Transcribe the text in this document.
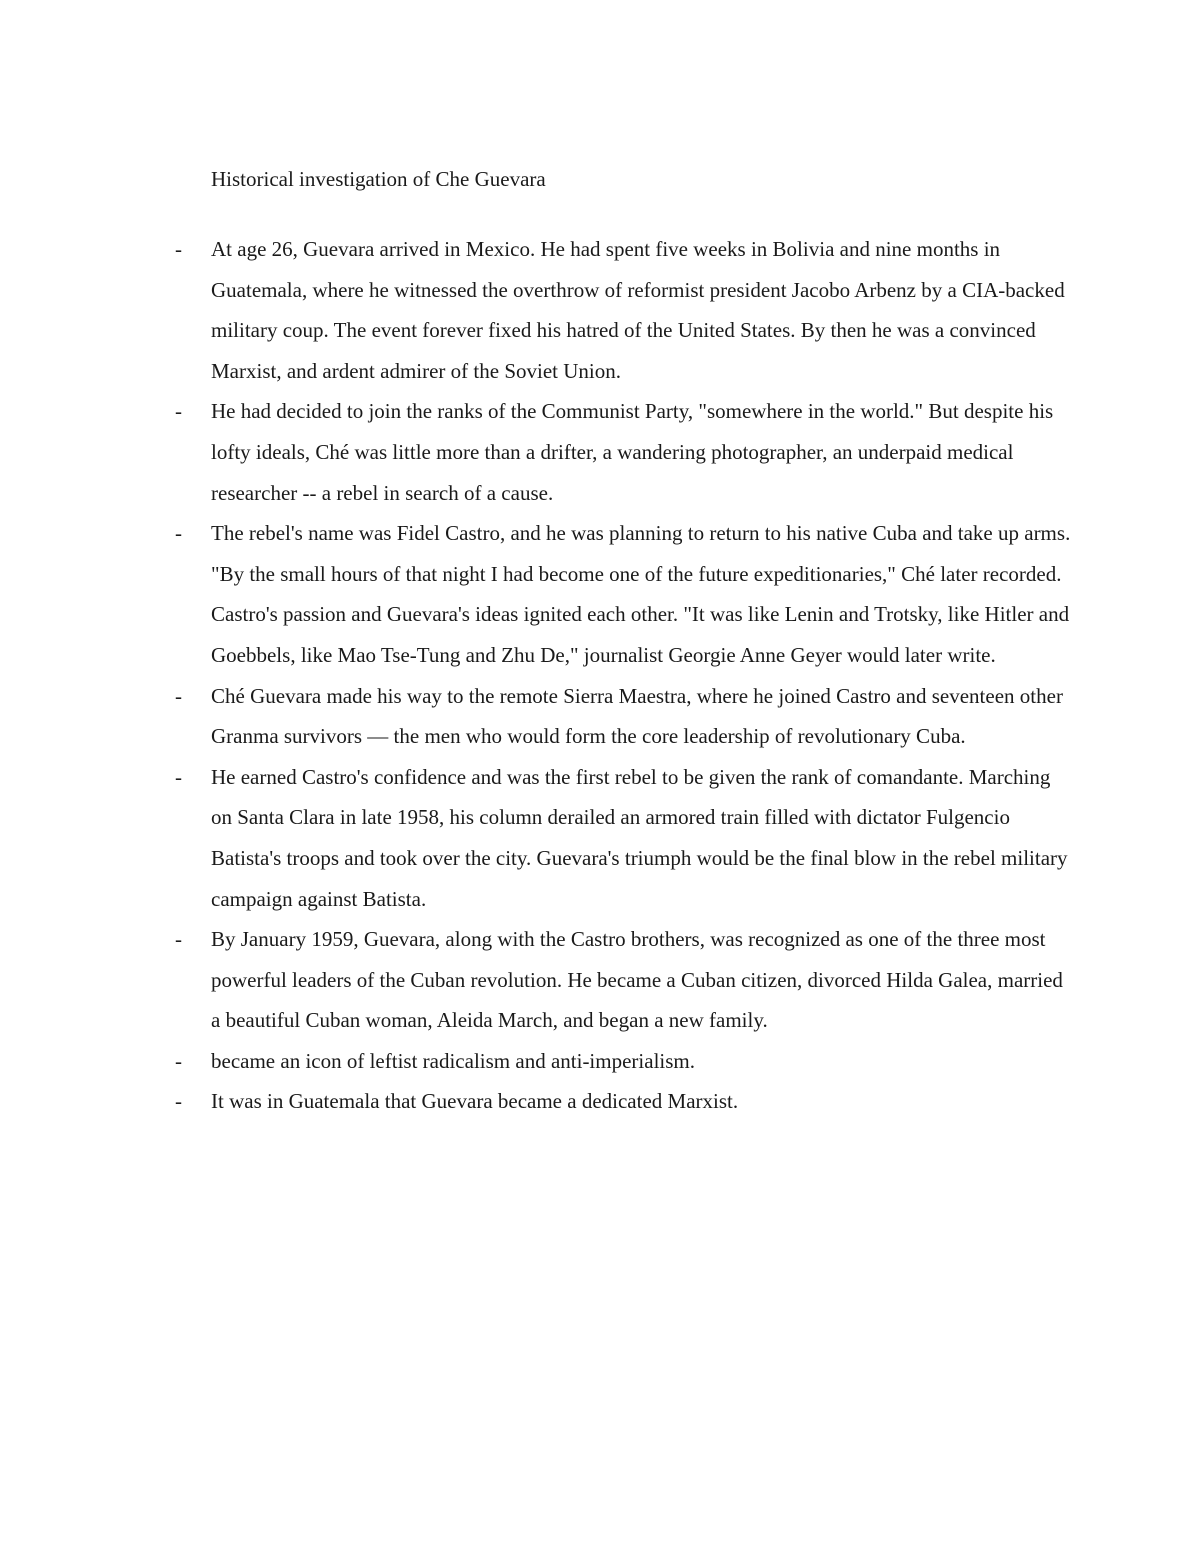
Historical investigation of Che Guevara
-	At age 26, Guevara arrived in Mexico. He had spent five weeks in Bolivia and nine months in Guatemala, where he witnessed the overthrow of reformist president Jacobo Arbenz by a CIA-backed military coup. The event forever fixed his hatred of the United States. By then he was a convinced Marxist, and ardent admirer of the Soviet Union.
-	He had decided to join the ranks of the Communist Party, "somewhere in the world." But despite his lofty ideals, Ché was little more than a drifter, a wandering photographer, an underpaid medical researcher -- a rebel in search of a cause.
-	The rebel's name was Fidel Castro, and he was planning to return to his native Cuba and take up arms. "By the small hours of that night I had become one of the future expeditionaries," Ché later recorded. Castro's passion and Guevara's ideas ignited each other. "It was like Lenin and Trotsky, like Hitler and Goebbels, like Mao Tse-Tung and Zhu De," journalist Georgie Anne Geyer would later write.
-	Ché Guevara made his way to the remote Sierra Maestra, where he joined Castro and seventeen other Granma survivors — the men who would form the core leadership of revolutionary Cuba.
-	He earned Castro's confidence and was the first rebel to be given the rank of comandante. Marching on Santa Clara in late 1958, his column derailed an armored train filled with dictator Fulgencio Batista's troops and took over the city. Guevara's triumph would be the final blow in the rebel military campaign against Batista.
-	By January 1959, Guevara, along with the Castro brothers, was recognized as one of the three most powerful leaders of the Cuban revolution. He became a Cuban citizen, divorced Hilda Galea, married a beautiful Cuban woman, Aleida March, and began a new family.
-	became an icon of leftist radicalism and anti-imperialism.
-	It was in Guatemala that Guevara became a dedicated Marxist.
